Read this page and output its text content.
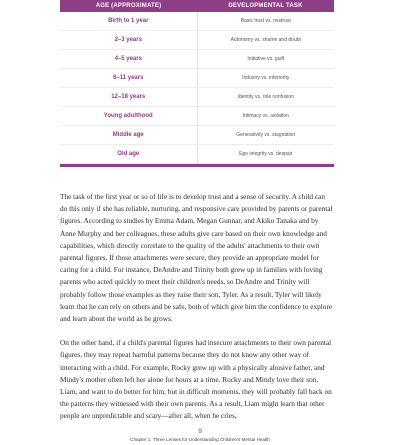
AGE (APPROXIMATE)	DEVELOPMENTAL TASK
Birth to 1 year	Basic trust vs. mistrust
2–3 years	Autonomy vs. shame and doubt
4–5 years	Initiative vs. guilt
6–11 years	Industry vs. inferiority
12–18 years	Identity vs. role confusion
Young adulthood	Intimacy vs. isolation
Middle age	Generativity vs. stagnation
Old age	Ego integrity vs. despair

The task of the first year or so of life is to develop trust and a sense of security. A child can do this only if she has reliable, nurturing, and responsive care provided by parents or parental figures. According to studies by Emma Adam, Megan Gunnar, and Akiko Tanaka and by Anne Murphy and her colleagues, these adults give care based on their own knowledge and capabilities, which directly correlate to the quality of the adults' attachments to their own parental figures. If those attachments were secure, they provide an appropriate model for caring for a child. For instance, DeAndre and Trinity both grew up in families with loving parents who acted quickly to meet their children's needs, so DeAndre and Trinity will probably follow those examples as they raise their son, Tyler. As a result, Tyler will likely learn that he can rely on others and be safe, both of which give him the confidence to explore and learn about the world as he grows.

On the other hand, if a child's parental figures had insecure attachments to their own parental figures, they may repeat harmful patterns because they do not know any other way of interacting with a child. For example, Rocky grew up with a physically abusive father, and Mindy's mother often left her alone for hours at a time. Rocky and Mindy love their son, Liam, and want to do better for him, but in difficult moments, they will probably fall back on the patterns they witnessed with their own parents. As a result, Liam might learn that other people are unpredictable and scary—after all, when he cries,

9
Chapter 1: Three Lenses for Understanding Children's Mental Health
